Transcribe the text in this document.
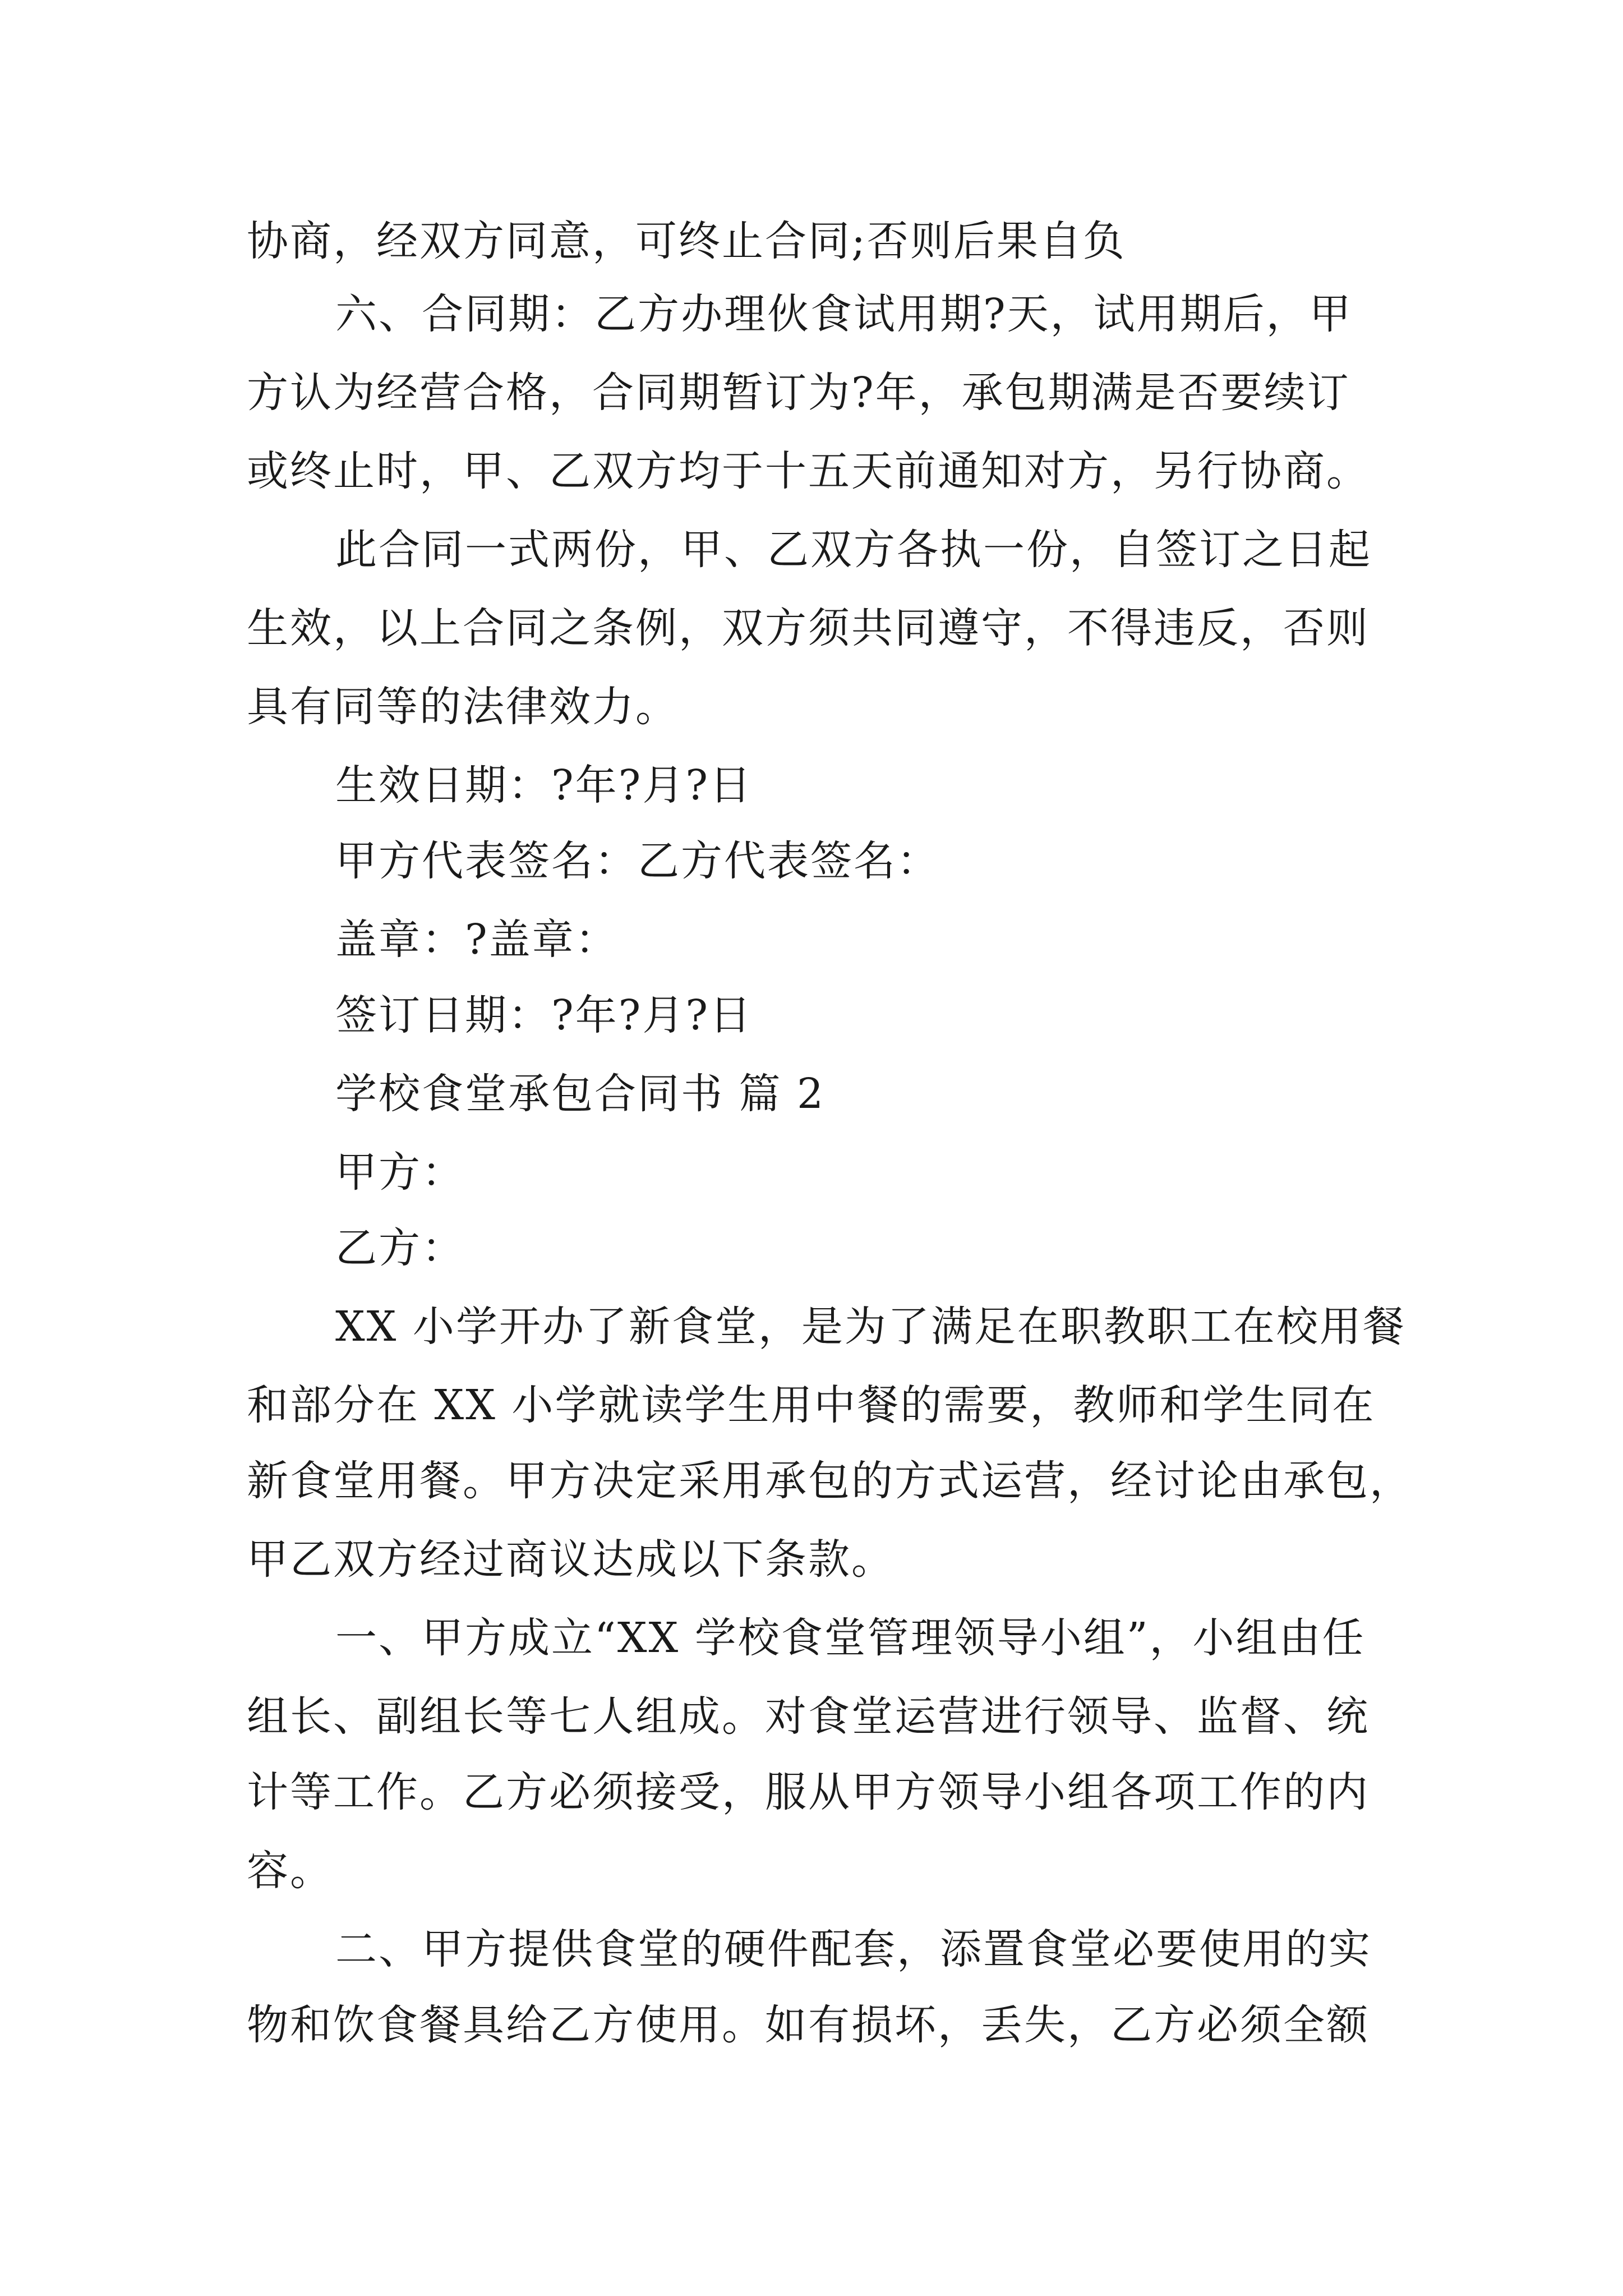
协商，经双方同意，可终止合同;否则后果自负
六、合同期：乙方办理伙食试用期?天，试用期后，甲
方认为经营合格，合同期暂订为?年，承包期满是否要续订
或终止时，甲、乙双方均于十五天前通知对方，另行协商。
此合同一式两份，甲、乙双方各执一份，自签订之日起
生效，以上合同之条例，双方须共同遵守，不得违反，否则
具有同等的法律效力。
生效日期：?年?月?日
甲方代表签名：乙方代表签名：
盖章：?盖章：
签订日期：?年?月?日
学校食堂承包合同书 篇 2
甲方：
乙方：
XX 小学开办了新食堂，是为了满足在职教职工在校用餐
和部分在 XX 小学就读学生用中餐的需要，教师和学生同在
新食堂用餐。甲方决定采用承包的方式运营，经讨论由承包，
甲乙双方经过商议达成以下条款。
一、甲方成立“XX 学校食堂管理领导小组”，小组由任
组长、副组长等七人组成。对食堂运营进行领导、监督、统
计等工作。乙方必须接受，服从甲方领导小组各项工作的内
容。
二、甲方提供食堂的硬件配套，添置食堂必要使用的实
物和饮食餐具给乙方使用。如有损坏，丢失，乙方必须全额
